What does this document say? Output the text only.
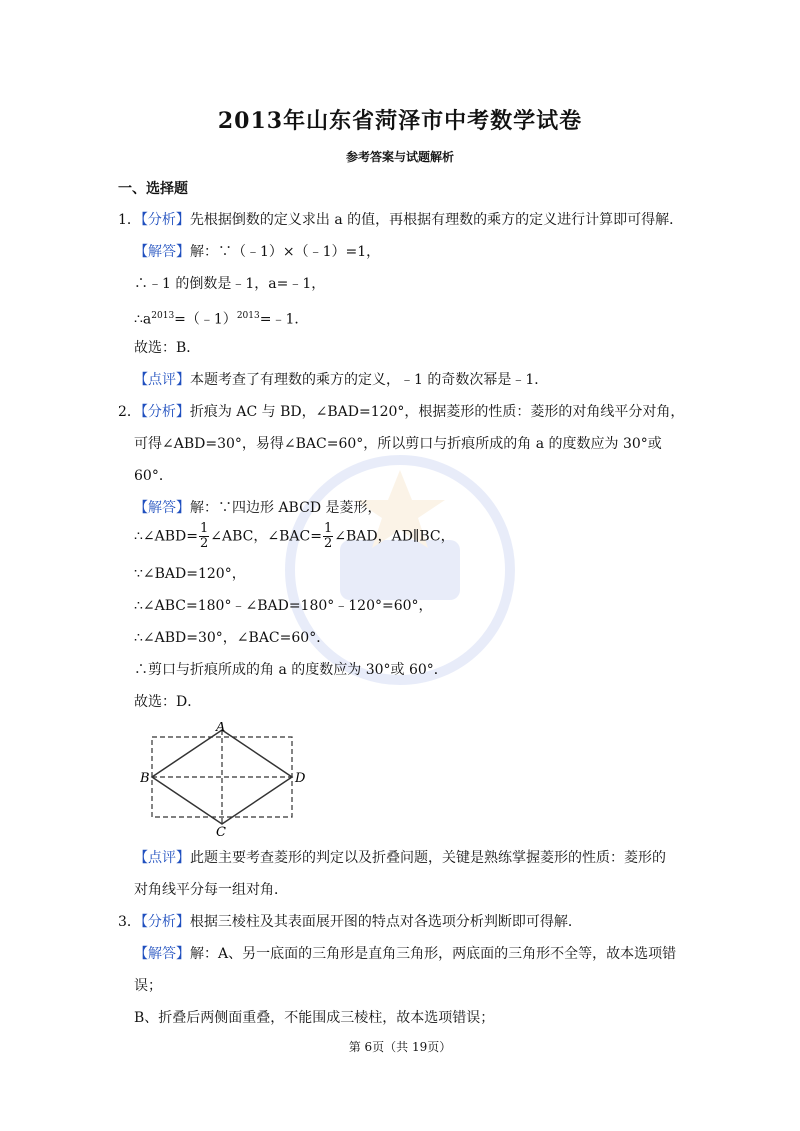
2013年山东省菏泽市中考数学试卷
参考答案与试题解析
一、选择题
1．【分析】先根据倒数的定义求出 a 的值，再根据有理数的乘方的定义进行计算即可得解．
【解答】解：∵（﹣1）×（﹣1）=1，
∴﹣1 的倒数是﹣1，a=﹣1，
$\therefore a^{2013}=(﹣1)^{2013}=﹣1$．
故选：B．
【点评】本题考查了有理数的乘方的定义，﹣1 的奇数次幂是﹣1．
2．【分析】折痕为 AC 与 BD，∠BAD=120°，根据菱形的性质：菱形的对角线平分对角，
可得∠ABD=30°，易得∠BAC=60°，所以剪口与折痕所成的角 a 的度数应为 30°或
60°．
【解答】解：∵四边形 ABCD 是菱形，
∴∠ABD= $\frac{1}{2}$ ∠ABC，∠BAC= $\frac{1}{2}$ ∠BAD，AD∥BC，
∵∠BAD=120°，
∴∠ABC=180°﹣∠BAD=180°﹣120°=60°，
∴∠ABD=30°，∠BAC=60°．
∴剪口与折痕所成的角 a 的度数应为 30°或 60°．
故选：D．
A
B
C
D
【点评】此题主要考查菱形的判定以及折叠问题，关键是熟练掌握菱形的性质：菱形的
对角线平分每一组对角．
3．【分析】根据三棱柱及其表面展开图的特点对各选项分析判断即可得解．
【解答】解：A、另一底面的三角形是直角三角形，两底面的三角形不全等，故本选项错
误；
B、折叠后两侧面重叠，不能围成三棱柱，故本选项错误；
第 6页（共 19页）
